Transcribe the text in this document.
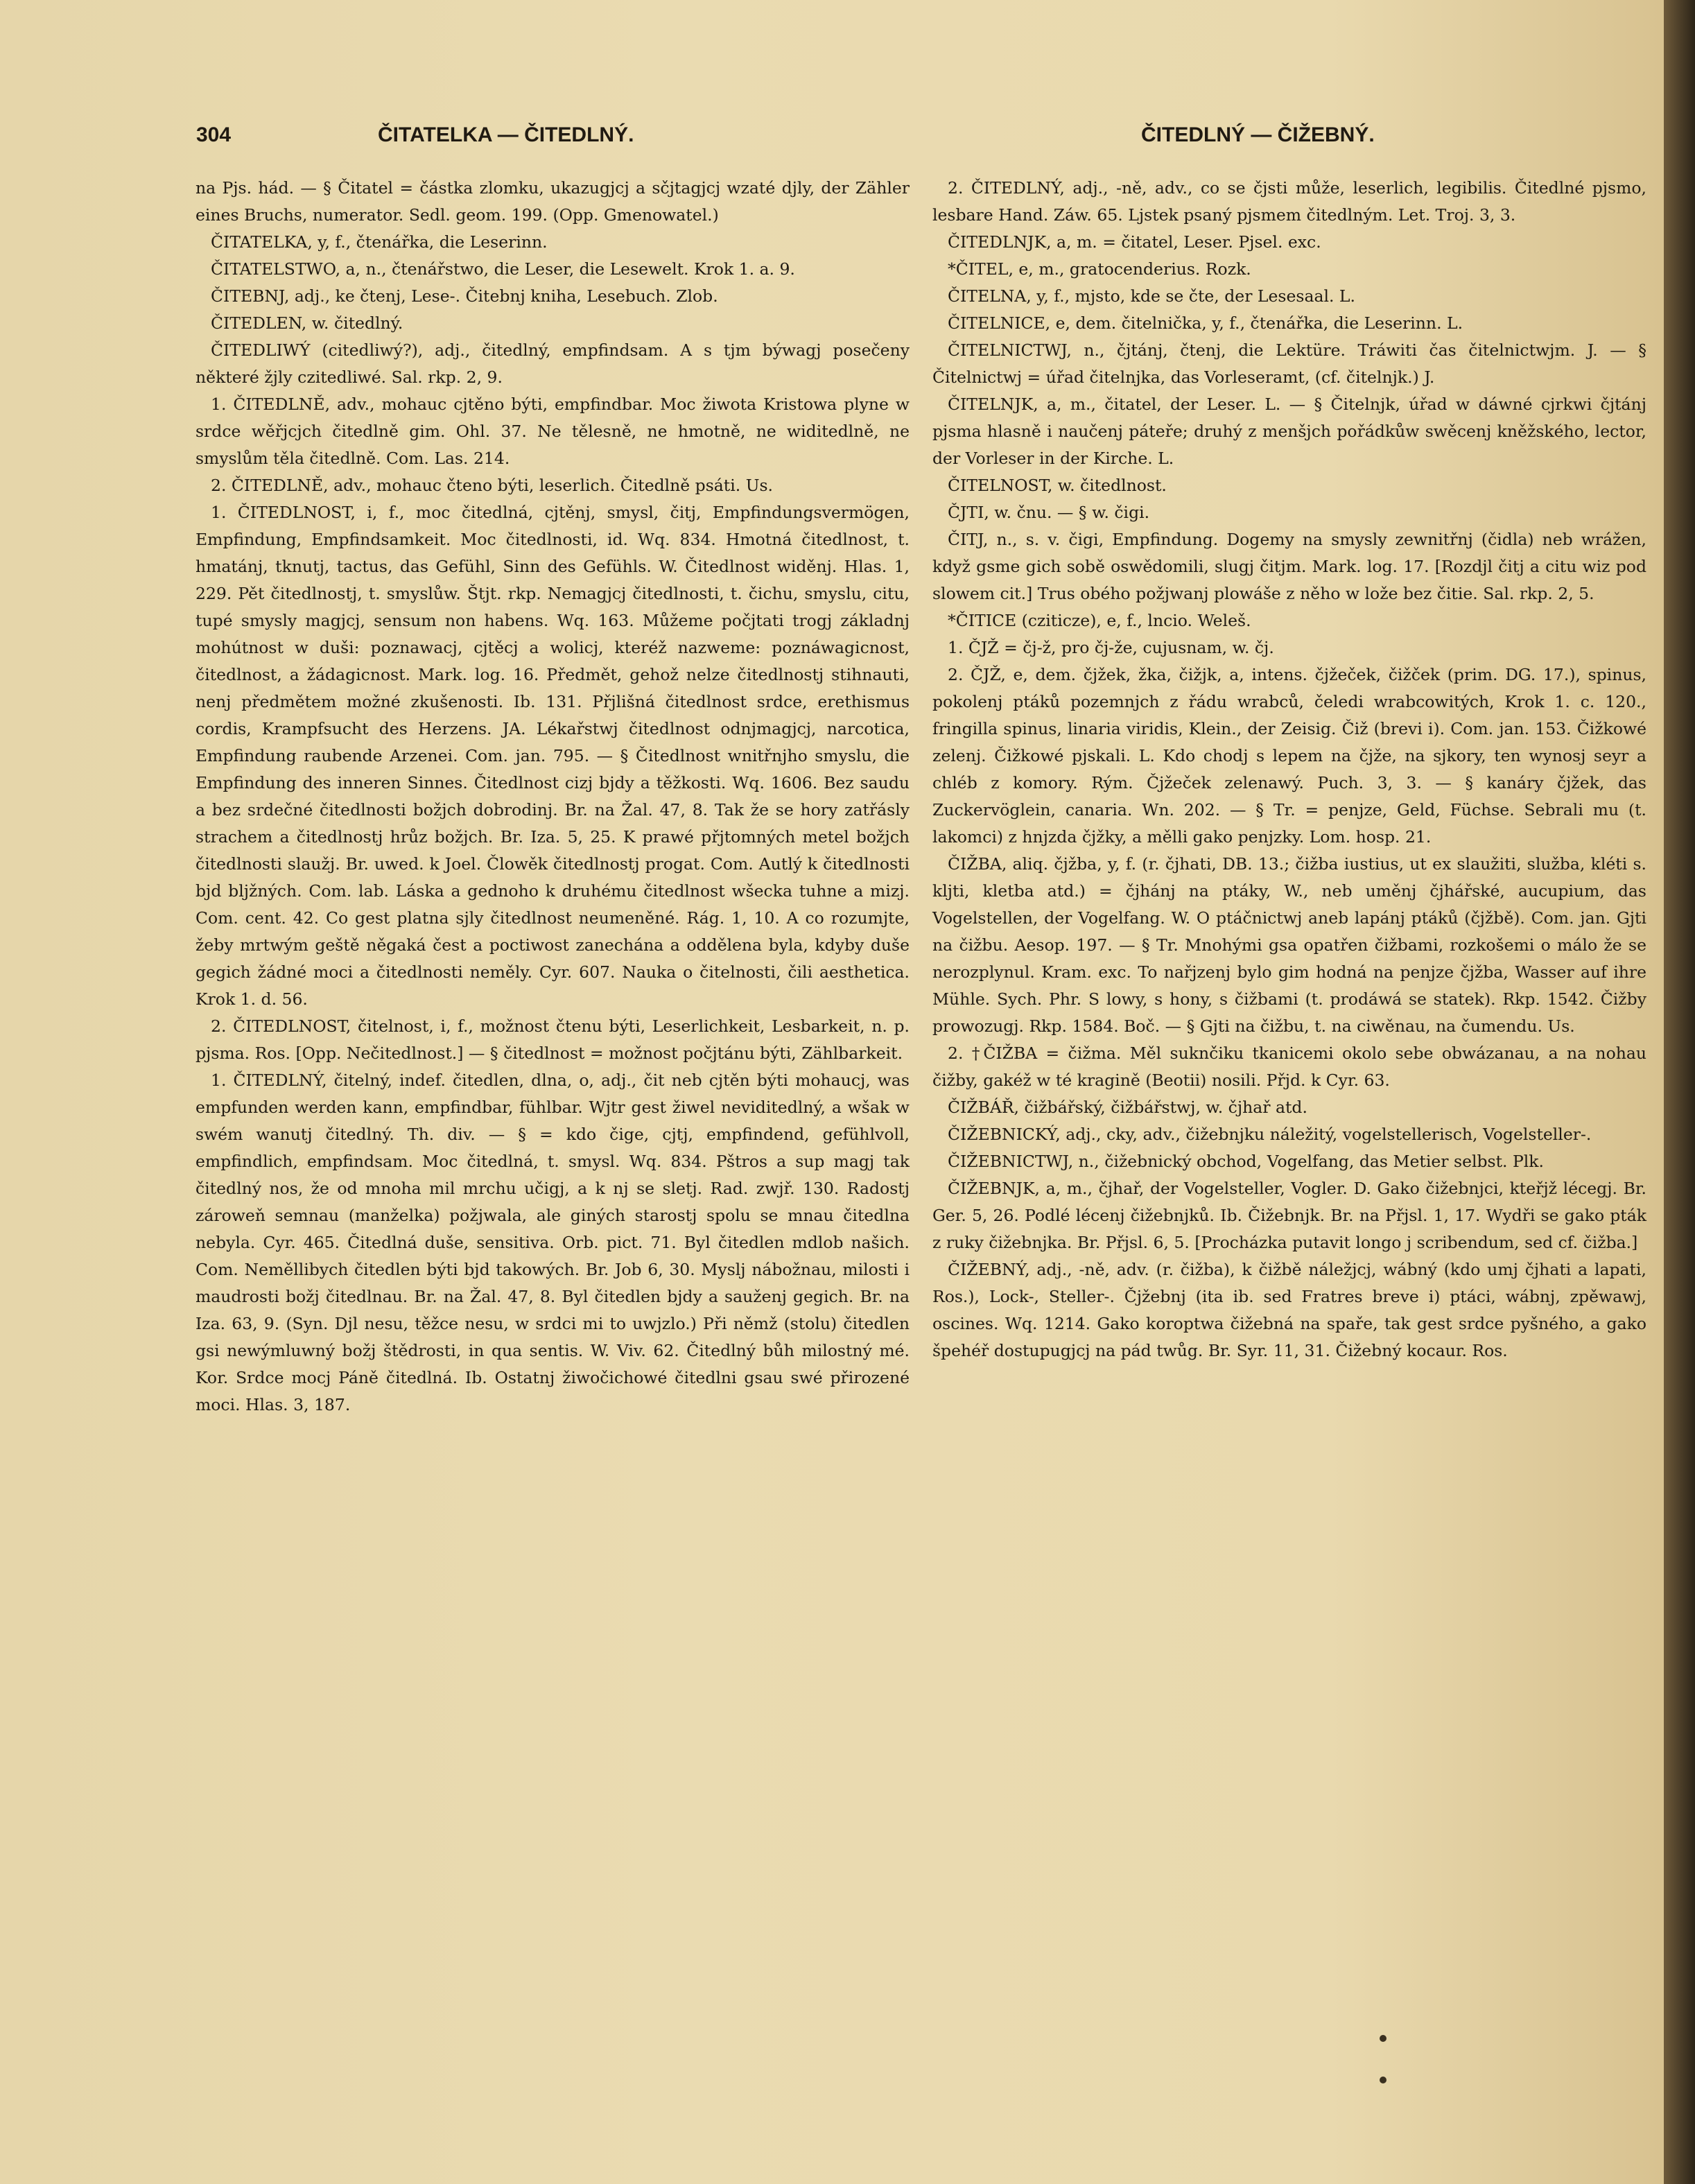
304	ČITATELKA — ČITEDLNÝ.	ČITEDLNÝ — ČIŽEBNÝ.

na Pjs. hád. — § Čitatel = částka zlomku, ukazugjcj a sčjtagjcj wzaté djly, der Zähler eines Bruchs, numerator. Sedl. geom. 199. (Opp. Gmenowatel.)

ČITATELKA, y, f., čtenářka, die Leserinn.

ČITATELSTWO, a, n., čtenářstwo, die Leser, die Lesewelt. Krok 1. a. 9.

ČITEBNJ, adj., ke čtenj, Lese-. Čitebnj kniha, Lesebuch. Zlob.

ČITEDLEN, w. čitedlný.

ČITEDLIWÝ (citedliwý?), adj., čitedlný, empfindsam. A s tjm býwagj posečeny některé žjly czitedliwé. Sal. rkp. 2, 9.

1. ČITEDLNĚ, adv., mohauc cjtěno býti, empfindbar. Moc žiwota Kristowa plyne w srdce wěřjcjch čitedlně gim. Ohl. 37. Ne tělesně, ne hmotně, ne widitedlně, ne smyslům těla čitedlně. Com. Las. 214.

2. ČITEDLNĚ, adv., mohauc čteno býti, leserlich. Čitedlně psáti. Us.

1. ČITEDLNOST, i, f., moc čitedlná, cjtěnj, smysl, čitj, Empfindungsvermögen, Empfindung, Empfindsamkeit. Moc čitedlnosti, id. Wq. 834. Hmotná čitedlnost, t. hmatánj, tknutj, tactus, das Gefühl, Sinn des Gefühls. W. Čitedlnost widěnj. Hlas. 1, 229. Pět čitedlnostj, t. smyslůw. Štjt. rkp. Nemagjcj čitedlnosti, t. čichu, smyslu, citu, tupé smysly magjcj, sensum non habens. Wq. 163. Můžeme počjtati trogj základnj mohútnost w duši: poznawacj, cjtěcj a wolicj, kteréž nazweme: poznáwagicnost, čitedlnost, a žádagicnost. Mark. log. 16. Předmět, gehož nelze čitedlnostj stihnauti, nenj předmětem možné zkušenosti. Ib. 131. Přjlišná čitedlnost srdce, erethismus cordis, Krampfsucht des Herzens. JA. Lékařstwj čitedlnost odnjmagjcj, narcotica, Empfindung raubende Arzenei. Com. jan. 795. — § Čitedlnost wnitřnjho smyslu, die Empfindung des inneren Sinnes. Čitedlnost cizj bjdy a těžkosti. Wq. 1606. Bez saudu a bez srdečné čitedlnosti božjch dobrodinj. Br. na Žal. 47, 8. Tak že se hory zatřásly strachem a čitedlnostj hrůz božjch. Br. Iza. 5, 25. K prawé přjtomných metel božjch čitedlnosti slaužj. Br. uwed. k Joel. Člowěk čitedlnostj progat. Com. Autlý k čitedlnosti bjd bljžných. Com. lab. Láska a gednoho k druhému čitedlnost wšecka tuhne a mizj. Com. cent. 42. Co gest platna sjly čitedlnost neumeněné. Rág. 1, 10. A co rozumjte, žeby mrtwým geště něgaká čest a poctiwost zanechána a oddělena byla, kdyby duše gegich žádné moci a čitedlnosti neměly. Cyr. 607. Nauka o čitelnosti, čili aesthetica. Krok 1. d. 56.

2. ČITEDLNOST, čitelnost, i, f., možnost čtenu býti, Leserlichkeit, Lesbarkeit, n. p. pjsma. Ros. [Opp. Nečitedlnost.] — § čitedlnost = možnost počjtánu býti, Zählbarkeit.

1. ČITEDLNÝ, čitelný, indef. čitedlen, dlna, o, adj., čit neb cjtěn býti mohaucj, was empfunden werden kann, empfindbar, fühlbar. Wjtr gest žiwel neviditedlný, a wšak w swém wanutj čitedlný. Th. div. — § = kdo čige, cjtj, empfindend, gefühlvoll, empfindlich, empfindsam. Moc čitedlná, t. smysl. Wq. 834. Pštros a sup magj tak čitedlný nos, že od mnoha mil mrchu učigj, a k nj se sletj. Rad. zwjř. 130. Radostj zároweň semnau (manželka) požjwala, ale giných starostj spolu se mnau čitedlna nebyla. Cyr. 465. Čitedlná duše, sensitiva. Orb. pict. 71. Byl čitedlen mdlob našich. Com. Neměllibych čitedlen býti bjd takowých. Br. Job 6, 30. Myslj nábožnau, milosti i maudrosti božj čitedlnau. Br. na Žal. 47, 8. Byl čitedlen bjdy a sauženj gegich. Br. na Iza. 63, 9. (Syn. Djl nesu, těžce nesu, w srdci mi to uwjzlo.) Při němž (stolu) čitedlen gsi newýmluwný božj štědrosti, in qua sentis. W. Viv. 62. Čitedlný bůh milostný mé. Kor. Srdce mocj Páně čitedlná. Ib. Ostatnj žiwočichowé čitedlni gsau swé přirozené moci. Hlas. 3, 187.

2. ČITEDLNÝ, adj., -ně, adv., co se čjsti může, leserlich, legibilis. Čitedlné pjsmo, lesbare Hand. Záw. 65. Ljstek psaný pjsmem čitedlným. Let. Troj. 3, 3.

ČITEDLNJK, a, m. = čitatel, Leser. Pjsel. exc.

*ČITEL, e, m., gratocenderius. Rozk.

ČITELNA, y, f., mjsto, kde se čte, der Lesesaal. L.

ČITELNICE, e, dem. čitelnička, y, f., čtenářka, die Leserinn. L.

ČITELNICTWJ, n., čjtánj, čtenj, die Lektüre. Tráwiti čas čitelnictwjm. J. — § Čitelnictwj = úřad čitelnjka, das Vorleseramt, (cf. čitelnjk.) J.

ČITELNJK, a, m., čitatel, der Leser. L. — § Čitelnjk, úřad w dáwné cjrkwi čjtánj pjsma hlasně i naučenj páteře; druhý z menšjch pořádkůw swěcenj kněžského, lector, der Vorleser in der Kirche. L.

ČITELNOST, w. čitedlnost.

ČJTI, w. čnu. — § w. čigi.

ČITJ, n., s. v. čigi, Empfindung. Dogemy na smysly zewnitřnj (čidla) neb wrážen, když gsme gich sobě oswědomili, slugj čitjm. Mark. log. 17. [Rozdjl čitj a citu wiz pod slowem cit.] Trus obého požjwanj plowáše z něho w lože bez čitie. Sal. rkp. 2, 5.

*ČITICE (cziticze), e, f., lncio. Weleš.

1. ČJŽ = čj-ž, pro čj-že, cujusnam, w. čj.

2. ČJŽ, e, dem. čjžek, žka, čižjk, a, intens. čjžeček, čižček (prim. DG. 17.), spinus, pokolenj ptáků pozemnjch z řádu wrabců, čeledi wrabcowitých, Krok 1. c. 120., fringilla spinus, linaria viridis, Klein., der Zeisig. Čiž (brevi i). Com. jan. 153. Čižkowé zelenj. Čižkowé pjskali. L. Kdo chodj s lepem na čjže, na sjkory, ten wynosj seyr a chléb z komory. Rým. Čjžeček zelenawý. Puch. 3, 3. — § kanáry čjžek, das Zuckervöglein, canaria. Wn. 202. — § Tr. = penjze, Geld, Füchse. Sebrali mu (t. lakomci) z hnjzda čjžky, a mělli gako penjzky. Lom. hosp. 21.

ČIŽBA, aliq. čjžba, y, f. (r. čjhati, DB. 13.; čižba iustius, ut ex slaužiti, služba, kléti s. kljti, kletba atd.) = čjhánj na ptáky, W., neb uměnj čjhářské, aucupium, das Vogelstellen, der Vogelfang. W. O ptáčnictwj aneb lapánj ptáků (čjžbě). Com. jan. Gjti na čižbu. Aesop. 197. — § Tr. Mnohými gsa opatřen čižbami, rozkošemi o málo že se nerozplynul. Kram. exc. To nařjzenj bylo gim hodná na penjze čjžba, Wasser auf ihre Mühle. Sych. Phr. S lowy, s hony, s čižbami (t. prodáwá se statek). Rkp. 1542. Čižby prowozugj. Rkp. 1584. Boč. — § Gjti na čižbu, t. na ciwěnau, na čumendu. Us.

2. †ČIŽBA = čižma. Měl suknčiku tkanicemi okolo sebe obwázanau, a na nohau čižby, gakéž w té kragině (Beotii) nosili. Přjd. k Cyr. 63.

ČIŽBÁŘ, čižbářský, čižbářstwj, w. čjhař atd.

ČIŽEBNICKÝ, adj., cky, adv., čižebnjku náležitý, vogelstellerisch, Vogelsteller-.

ČIŽEBNICTWJ, n., čižebnický obchod, Vogelfang, das Metier selbst. Plk.

ČIŽEBNJK, a, m., čjhař, der Vogelsteller, Vogler. D. Gako čižebnjci, kteřjž lécegj. Br. Ger. 5, 26. Podlé lécenj čižebnjků. Ib. Čižebnjk. Br. na Přjsl. 1, 17. Wydři se gako pták z ruky čižebnjka. Br. Přjsl. 6, 5. [Procházka putavit longo j scribendum, sed cf. čižba.]

ČIŽEBNÝ, adj., -ně, adv. (r. čižba), k čižbě náležjcj, wábný (kdo umj čjhati a lapati, Ros.), Lock-, Steller-. Čjžebnj (ita ib. sed Fratres breve i) ptáci, wábnj, zpěwawj, oscines. Wq. 1214. Gako koroptwa čižebná na spaře, tak gest srdce pyšného, a gako špehéř dostupugjcj na pád twůg. Br. Syr. 11, 31. Čižebný kocaur. Ros.
